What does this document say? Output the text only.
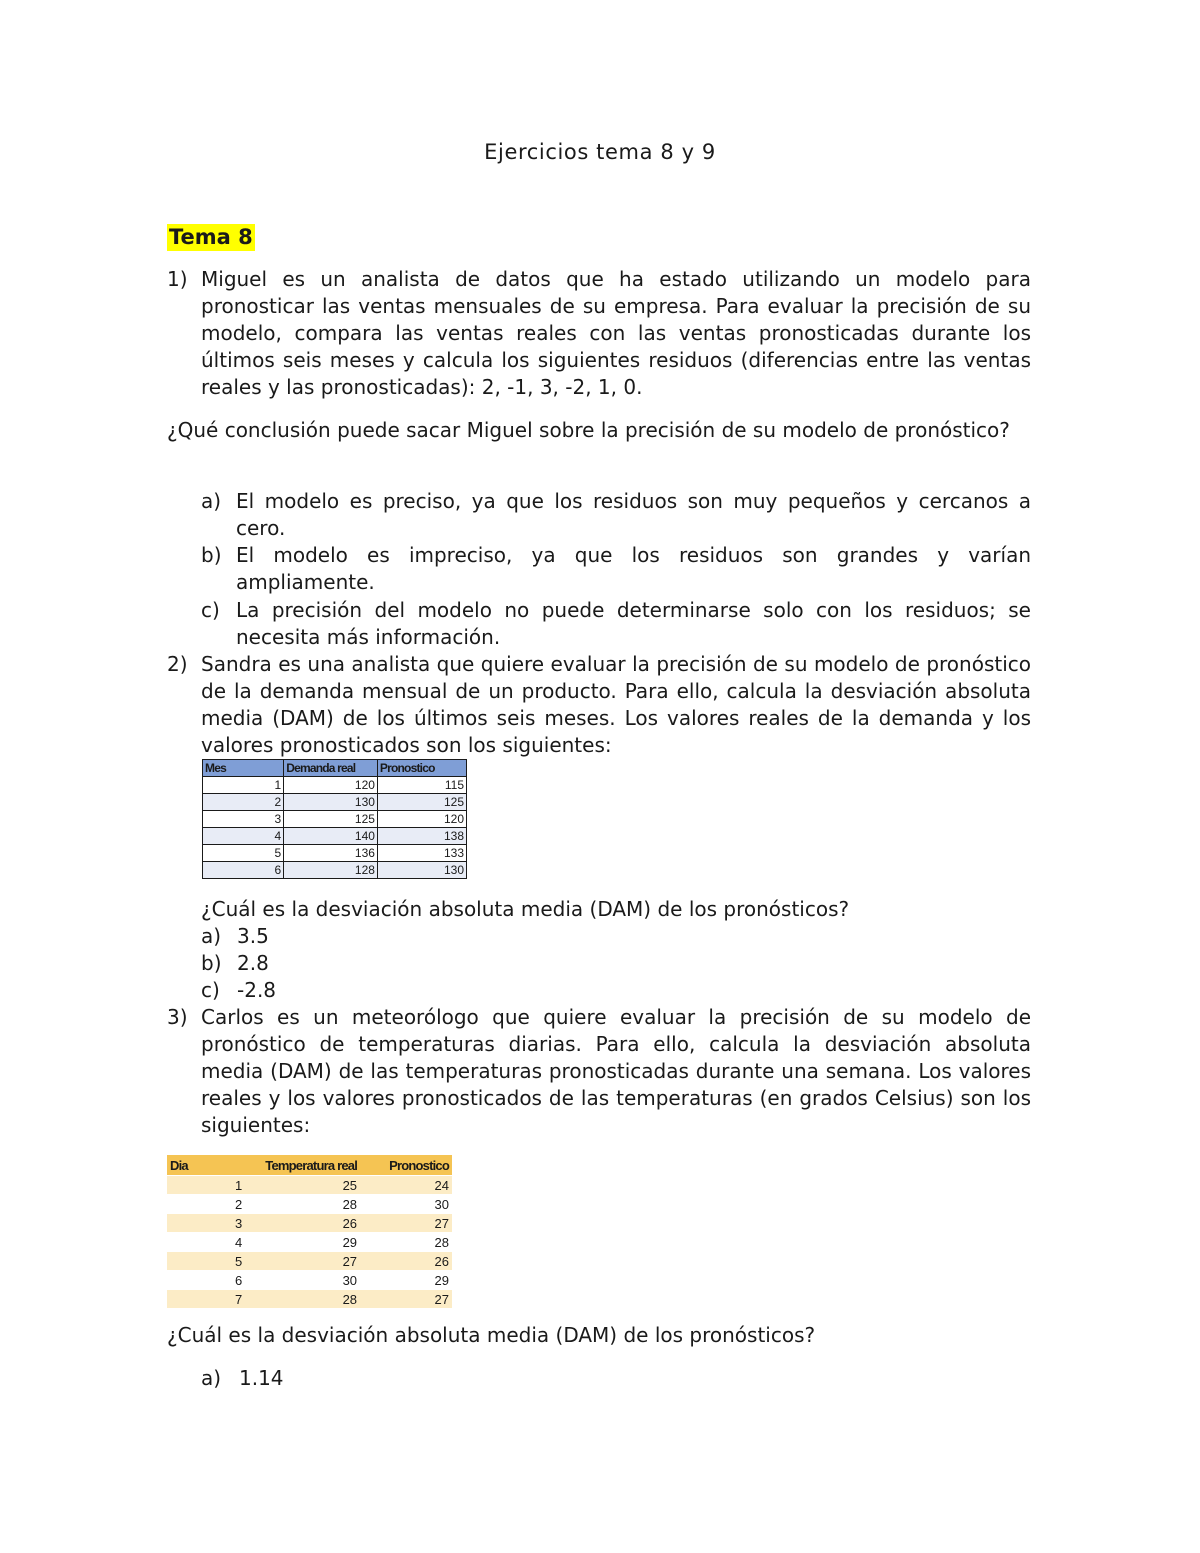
Ejercicios tema 8 y 9
Tema 8
1) Miguel es un analista de datos que ha estado utilizando un modelo para pronosticar las ventas mensuales de su empresa. Para evaluar la precisión de su modelo, compara las ventas reales con las ventas pronosticadas durante los últimos seis meses y calcula los siguientes residuos (diferencias entre las ventas reales y las pronosticadas): 2, -1, 3, -2, 1, 0.
¿Qué conclusión puede sacar Miguel sobre la precisión de su modelo de pronóstico?
a) El modelo es preciso, ya que los residuos son muy pequeños y cercanos a cero.
b) El modelo es impreciso, ya que los residuos son grandes y varían ampliamente.
c) La precisión del modelo no puede determinarse solo con los residuos; se necesita más información.
2) Sandra es una analista que quiere evaluar la precisión de su modelo de pronóstico de la demanda mensual de un producto. Para ello, calcula la desviación absoluta media (DAM) de los últimos seis meses. Los valores reales de la demanda y los valores pronosticados son los siguientes:
Mes	Demanda real	Pronostico
1	120	115
2	130	125
3	125	120
4	140	138
5	136	133
6	128	130
¿Cuál es la desviación absoluta media (DAM) de los pronósticos?
a) 3.5
b) 2.8
c) -2.8
3) Carlos es un meteorólogo que quiere evaluar la precisión de su modelo de pronóstico de temperaturas diarias. Para ello, calcula la desviación absoluta media (DAM) de las temperaturas pronosticadas durante una semana. Los valores reales y los valores pronosticados de las temperaturas (en grados Celsius) son los siguientes:
Dia	Temperatura real	Pronostico
1	25	24
2	28	30
3	26	27
4	29	28
5	27	26
6	30	29
7	28	27
¿Cuál es la desviación absoluta media (DAM) de los pronósticos?
a) 1.14
